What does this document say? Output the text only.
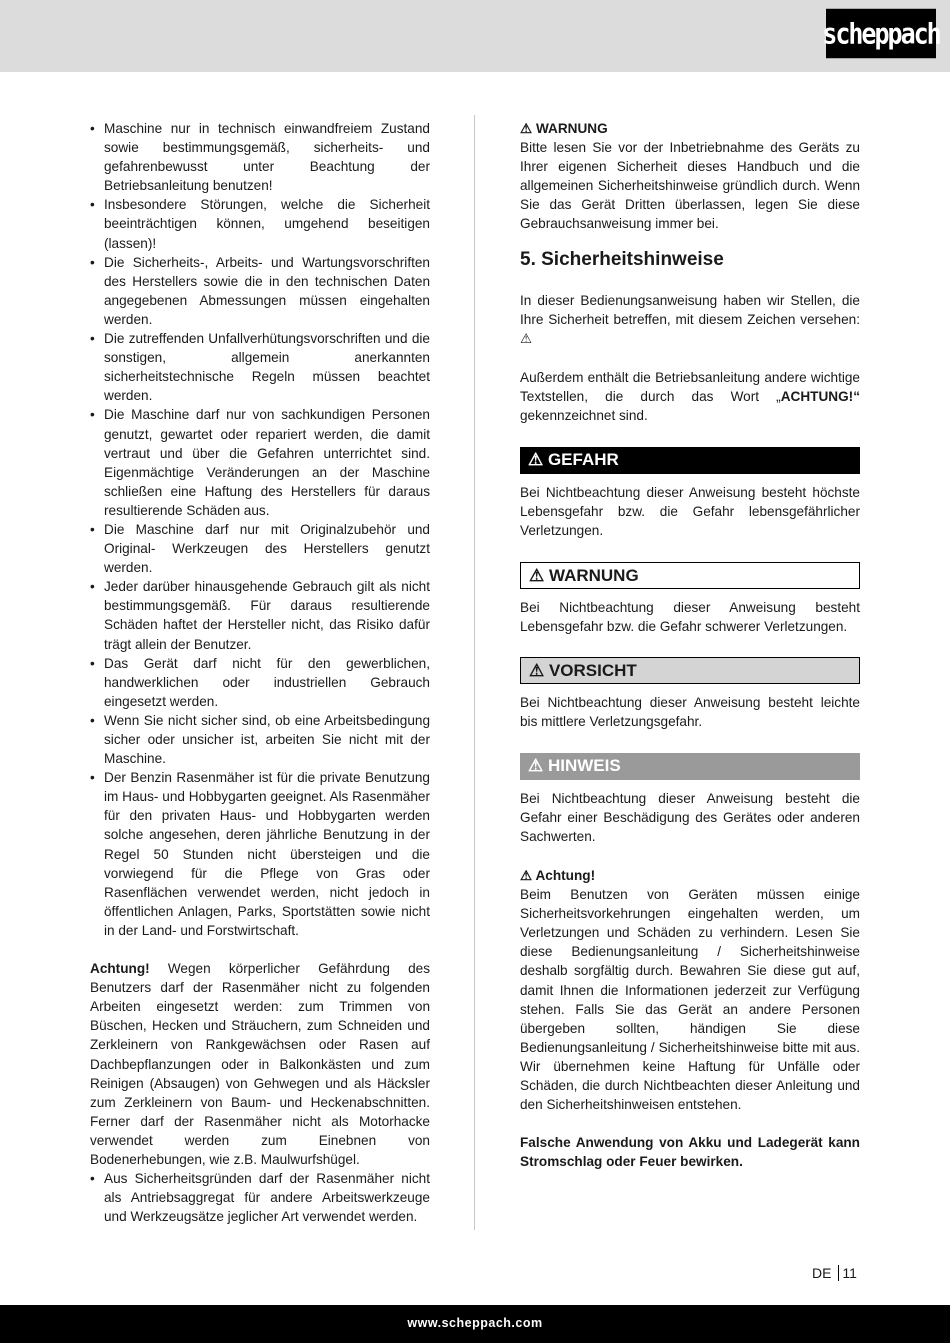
scheppach
• Maschine nur in technisch einwandfreiem Zustand sowie bestimmungsgemäß, sicherheits- und gefahrenbewusst unter Beachtung der Betriebsanleitung benutzen!
• Insbesondere Störungen, welche die Sicherheit beeinträchtigen können, umgehend beseitigen (lassen)!
• Die Sicherheits-, Arbeits- und Wartungsvorschriften des Herstellers sowie die in den technischen Daten angegebenen Abmessungen müssen eingehalten werden.
• Die zutreffenden Unfallverhütungsvorschriften und die sonstigen, allgemein anerkannten sicherheitstechnische Regeln müssen beachtet werden.
• Die Maschine darf nur von sachkundigen Personen genutzt, gewartet oder repariert werden, die damit vertraut und über die Gefahren unterrichtet sind. Eigenmächtige Veränderungen an der Maschine schließen eine Haftung des Herstellers für daraus resultierende Schäden aus.
• Die Maschine darf nur mit Originalzubehör und Original- Werkzeugen des Herstellers genutzt werden.
• Jeder darüber hinausgehende Gebrauch gilt als nicht bestimmungsgemäß. Für daraus resultierende Schäden haftet der Hersteller nicht, das Risiko dafür trägt allein der Benutzer.
• Das Gerät darf nicht für den gewerblichen, handwerklichen oder industriellen Gebrauch eingesetzt werden.
• Wenn Sie nicht sicher sind, ob eine Arbeitsbedingung sicher oder unsicher ist, arbeiten Sie nicht mit der Maschine.
• Der Benzin Rasenmäher ist für die private Benutzung im Haus- und Hobbygarten geeignet. Als Rasenmäher für den privaten Haus- und Hobbygarten werden solche angesehen, deren jährliche Benutzung in der Regel 50 Stunden nicht übersteigen und die vorwiegend für die Pflege von Gras oder Rasenflächen verwendet werden, nicht jedoch in öffentlichen Anlagen, Parks, Sportstätten sowie nicht in der Land- und Forstwirtschaft.

Achtung! Wegen körperlicher Gefährdung des Benutzers darf der Rasenmäher nicht zu folgenden Arbeiten eingesetzt werden: zum Trimmen von Büschen, Hecken und Sträuchern, zum Schneiden und Zerkleinern von Rankgewächsen oder Rasen auf Dachbepflanzungen oder in Balkonkästen und zum Reinigen (Absaugen) von Gehwegen und als Häcksler zum Zerkleinern von Baum- und Heckenabschnitten. Ferner darf der Rasenmäher nicht als Motorhacke verwendet werden zum Einebnen von Bodenerhebungen, wie z.B. Maulwurfshügel.

• Aus Sicherheitsgründen darf der Rasenmäher nicht als Antriebsaggregat für andere Arbeitswerkzeuge und Werkzeugsätze jeglicher Art verwendet werden.
⚠ WARNUNG

Bitte lesen Sie vor der Inbetriebnahme des Geräts zu Ihrer eigenen Sicherheit dieses Handbuch und die allgemeinen Sicherheitshinweise gründlich durch. Wenn Sie das Gerät Dritten überlassen, legen Sie diese Gebrauchsanweisung immer bei.

5. Sicherheitshinweise

In dieser Bedienungsanweisung haben wir Stellen, die Ihre Sicherheit betreffen, mit diesem Zeichen versehen: ⚠

Außerdem enthält die Betriebsanleitung andere wichtige Textstellen, die durch das Wort „ACHTUNG!“ gekennzeichnet sind.

⚠ GEFAHR

Bei Nichtbeachtung dieser Anweisung besteht höchste Lebensgefahr bzw. die Gefahr lebensgefährlicher Verletzungen.

⚠ WARNUNG

Bei Nichtbeachtung dieser Anweisung besteht Lebensgefahr bzw. die Gefahr schwerer Verletzungen.

⚠ VORSICHT

Bei Nichtbeachtung dieser Anweisung besteht leichte bis mittlere Verletzungsgefahr.

⚠ HINWEIS

Bei Nichtbeachtung dieser Anweisung besteht die Gefahr einer Beschädigung des Gerätes oder anderen Sachwerten.

⚠ Achtung!

Beim Benutzen von Geräten müssen einige Sicherheitsvorkehrungen eingehalten werden, um Verletzungen und Schäden zu verhindern. Lesen Sie diese Bedienungsanleitung / Sicherheitshinweise deshalb sorgfältig durch. Bewahren Sie diese gut auf, damit Ihnen die Informationen jederzeit zur Verfügung stehen. Falls Sie das Gerät an andere Personen übergeben sollten, händigen Sie diese Bedienungsanleitung / Sicherheitshinweise bitte mit aus. Wir übernehmen keine Haftung für Unfälle oder Schäden, die durch Nichtbeachten dieser Anleitung und den Sicherheitshinweisen entstehen.

Falsche Anwendung von Akku und Ladegerät kann Stromschlag oder Feuer bewirken.

DE 11
www.scheppach.com
